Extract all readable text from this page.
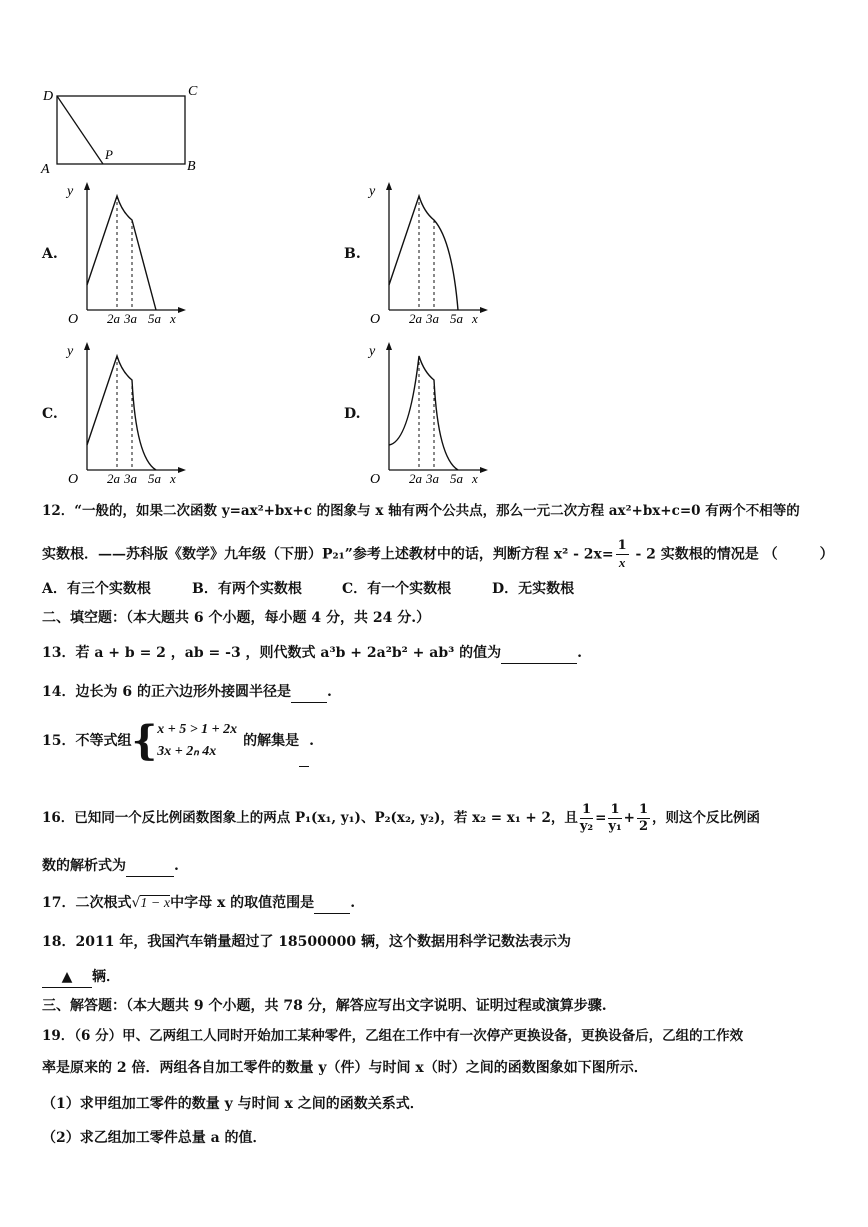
D	C
A	B
P
A.	B.
C.	D.
y
O 2a 3a 5a x
y
O 2a 3a 5a x
y
O 2a 3a 5a x
y
O 2a 3a 5a x
12．“一般的，如果二次函数 y=ax²+bx+c 的图象与 x 轴有两个公共点，那么一元二次方程 ax²+bx+c=0 有两个不相等的
实数根．——苏科版《数学》九年级（下册）P₂₁”参考上述教材中的话，判断方程 $x^2 - 2x= \frac{1}{x} - 2$ 实数根的情况是 （　　　）
A．有三个实数根	B．有两个实数根	C．有一个实数根	D．无实数根
二、填空题：（本大题共 6 个小题，每小题 4 分，共 24 分.）
13．若 a + b = 2 ，ab = -3 ，则代数式 a³b + 2a²b² + ab³ 的值为	.
14．边长为 6 的正六边形外接圆半径是	.
15．不等式组{ x + 5 > 1 + 2x
3x + 2ₙ 4x
的解集是 .
16．已知同一个反比例函数图象上的两点 P₁(x₁, y₁)、P₂(x₂, y₂)，若 x₂ = x₁ + 2，且 $\frac{1}{\text{y₂}} = \frac{1}{\text{y₁}} + \frac{1}{2}$ ，则这个反比例函
数的解析式为	.
17．二次根式√1 − x中字母 x 的取值范围是	.
18．2011 年，我国汽车销量超过了 18500000 辆，这个数据用科学记数法表示为
▲ 辆．
三、解答题：（本大题共 9 个小题，共 78 分，解答应写出文字说明、证明过程或演算步骤.
19．（6 分）甲、乙两组工人同时开始加工某种零件，乙组在工作中有一次停产更换设备，更换设备后，乙组的工作效
率是原来的 2 倍．两组各自加工零件的数量 y（件）与时间 x（时）之间的函数图象如下图所示．
（1）求甲组加工零件的数量 y 与时间 x 之间的函数关系式．
（2）求乙组加工零件总量 a 的值．
